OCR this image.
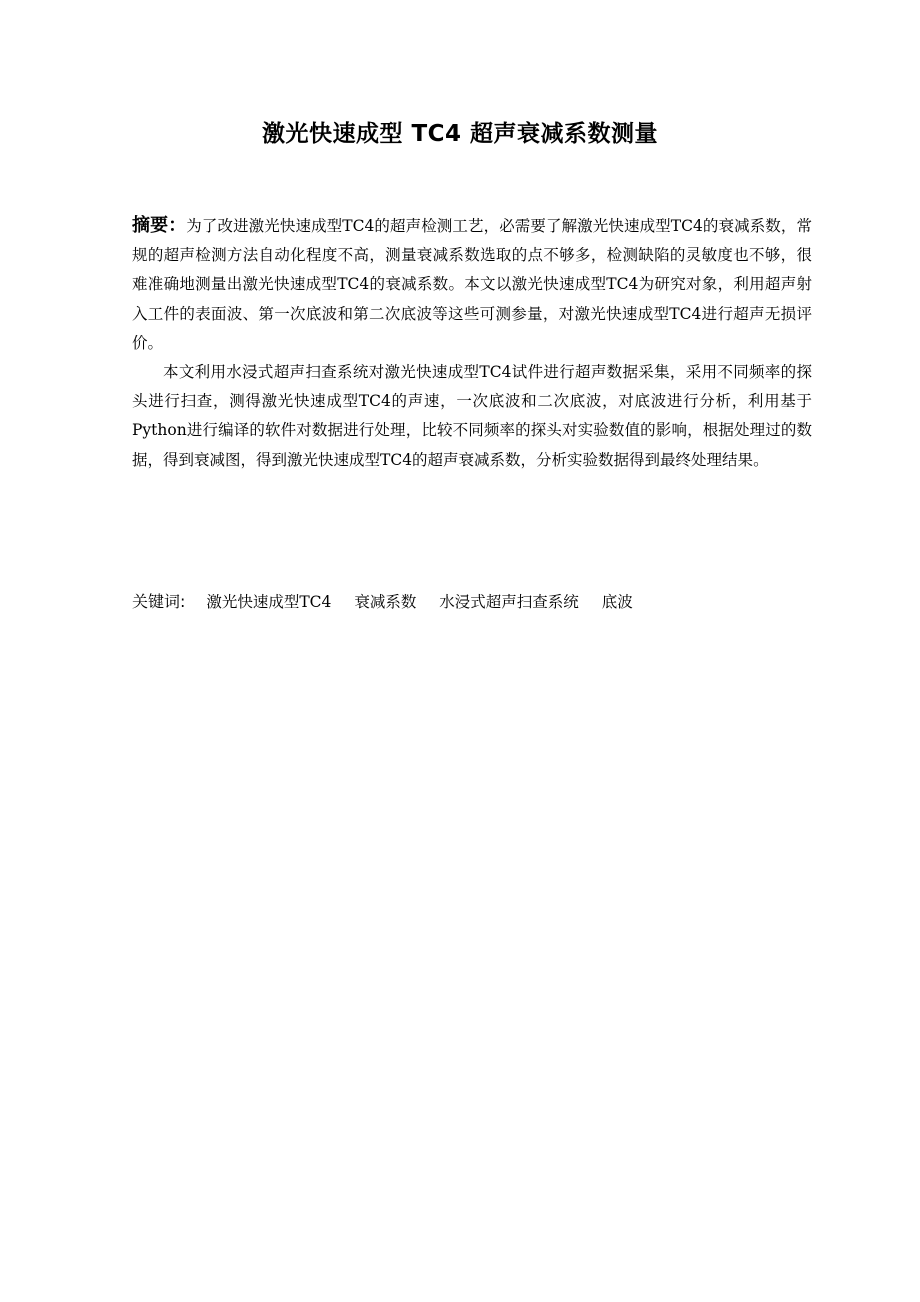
激光快速成型 TC4 超声衰减系数测量

摘要：为了改进激光快速成型TC4的超声检测工艺，必需要了解激光快速成型TC4的衰减系数，常规的超声检测方法自动化程度不高，测量衰减系数选取的点不够多，检测缺陷的灵敏度也不够，很难准确地测量出激光快速成型TC4的衰减系数。本文以激光快速成型TC4为研究对象，利用超声射入工件的表面波、第一次底波和第二次底波等这些可测参量，对激光快速成型TC4进行超声无损评价。

本文利用水浸式超声扫查系统对激光快速成型TC4试件进行超声数据采集，采用不同频率的探头进行扫查，测得激光快速成型TC4的声速，一次底波和二次底波，对底波进行分析，利用基于Python进行编译的软件对数据进行处理，比较不同频率的探头对实验数值的影响，根据处理过的数据，得到衰减图，得到激光快速成型TC4的超声衰减系数，分析实验数据得到最终处理结果。

关键词: 激光快速成型TC4 衰减系数 水浸式超声扫查系统 底波
